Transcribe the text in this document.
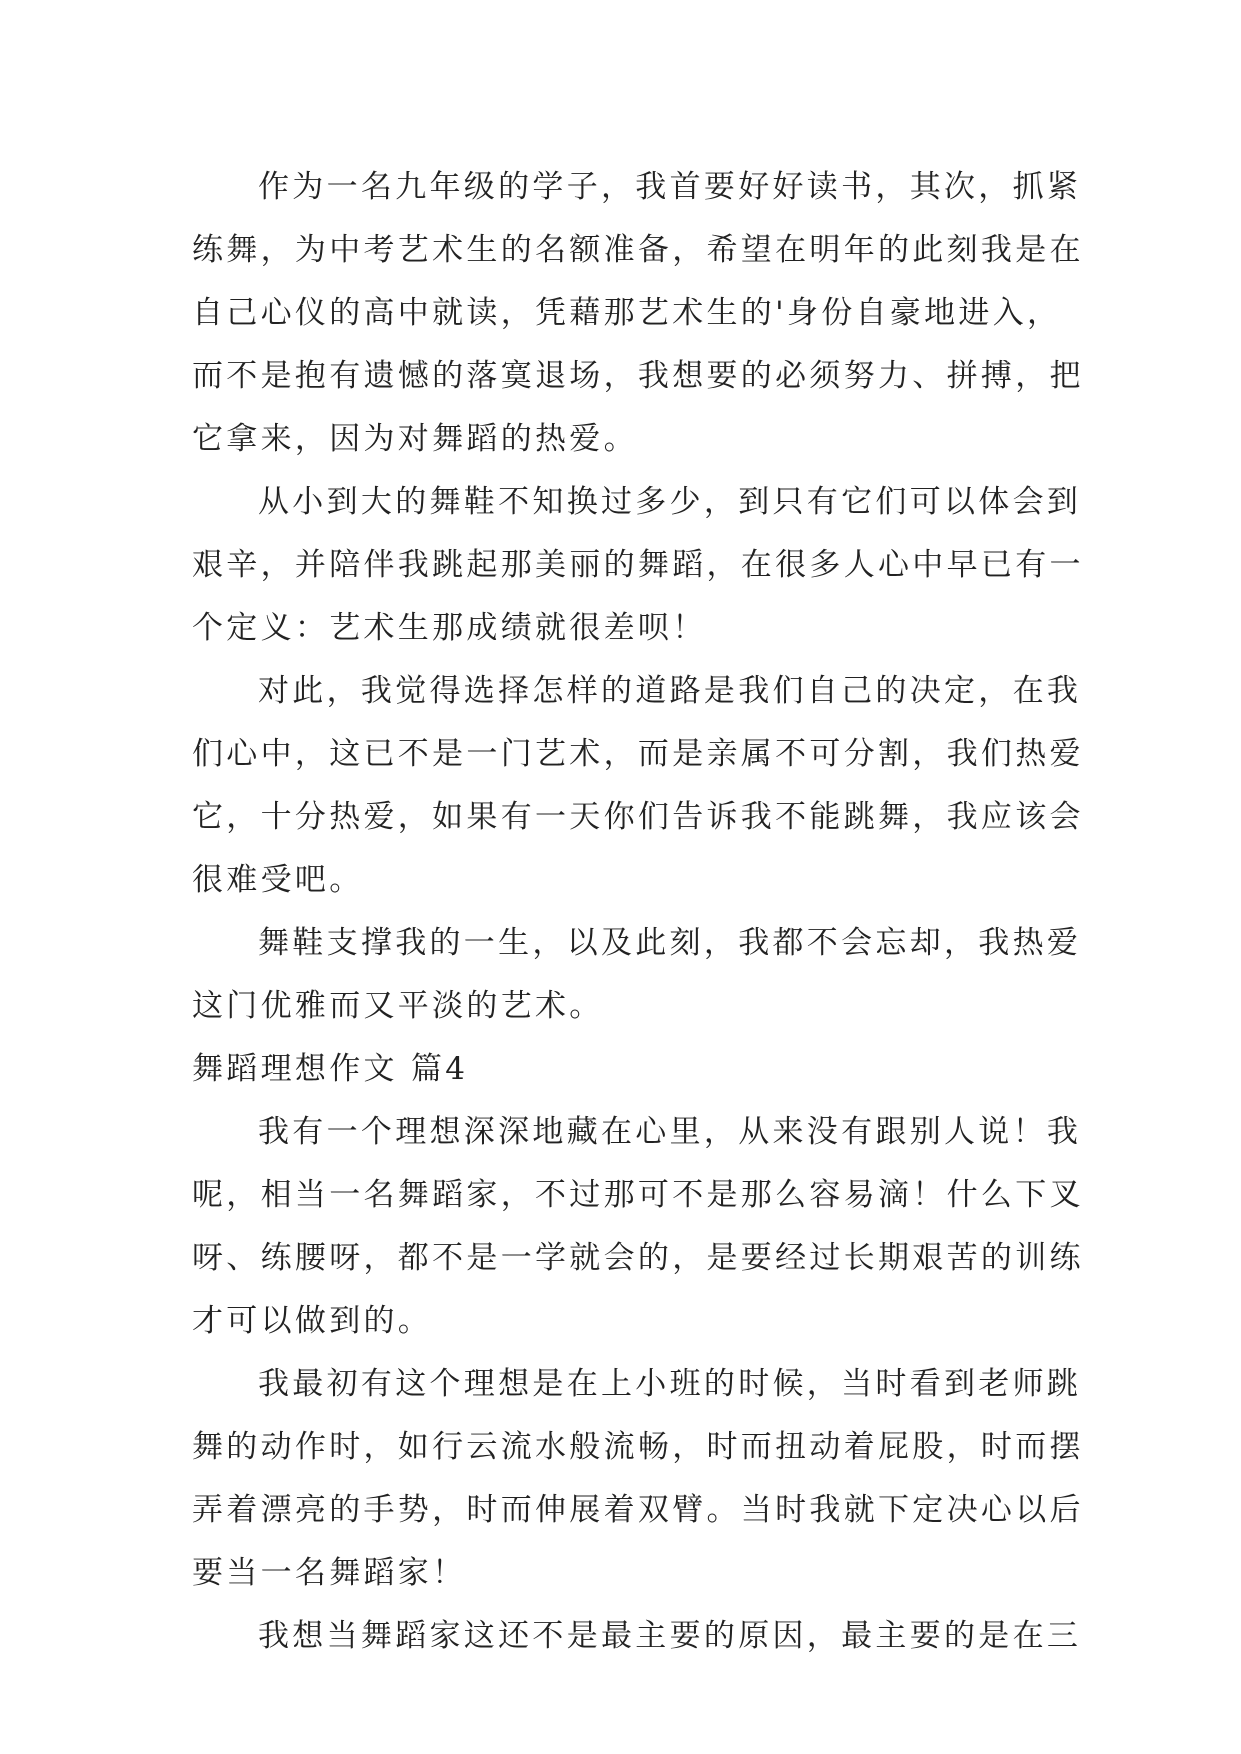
作为一名九年级的学子，我首要好好读书，其次，抓紧
练舞，为中考艺术生的名额准备，希望在明年的此刻我是在
自己心仪的高中就读，凭藉那艺术生的'身份自豪地进入，
而不是抱有遗憾的落寞退场，我想要的必须努力、拼搏，把
它拿来，因为对舞蹈的热爱。
从小到大的舞鞋不知换过多少，到只有它们可以体会到
艰辛，并陪伴我跳起那美丽的舞蹈，在很多人心中早已有一
个定义：艺术生那成绩就很差呗！
对此，我觉得选择怎样的道路是我们自己的决定，在我
们心中，这已不是一门艺术，而是亲属不可分割，我们热爱
它，十分热爱，如果有一天你们告诉我不能跳舞，我应该会
很难受吧。
舞鞋支撑我的一生，以及此刻，我都不会忘却，我热爱
这门优雅而又平淡的艺术。
舞蹈理想作文 篇4
我有一个理想深深地藏在心里，从来没有跟别人说！我
呢，相当一名舞蹈家，不过那可不是那么容易滴！什么下叉
呀、练腰呀，都不是一学就会的，是要经过长期艰苦的训练
才可以做到的。
我最初有这个理想是在上小班的时候，当时看到老师跳
舞的动作时，如行云流水般流畅，时而扭动着屁股，时而摆
弄着漂亮的手势，时而伸展着双臂。当时我就下定决心以后
要当一名舞蹈家！
我想当舞蹈家这还不是最主要的原因，最主要的是在三
